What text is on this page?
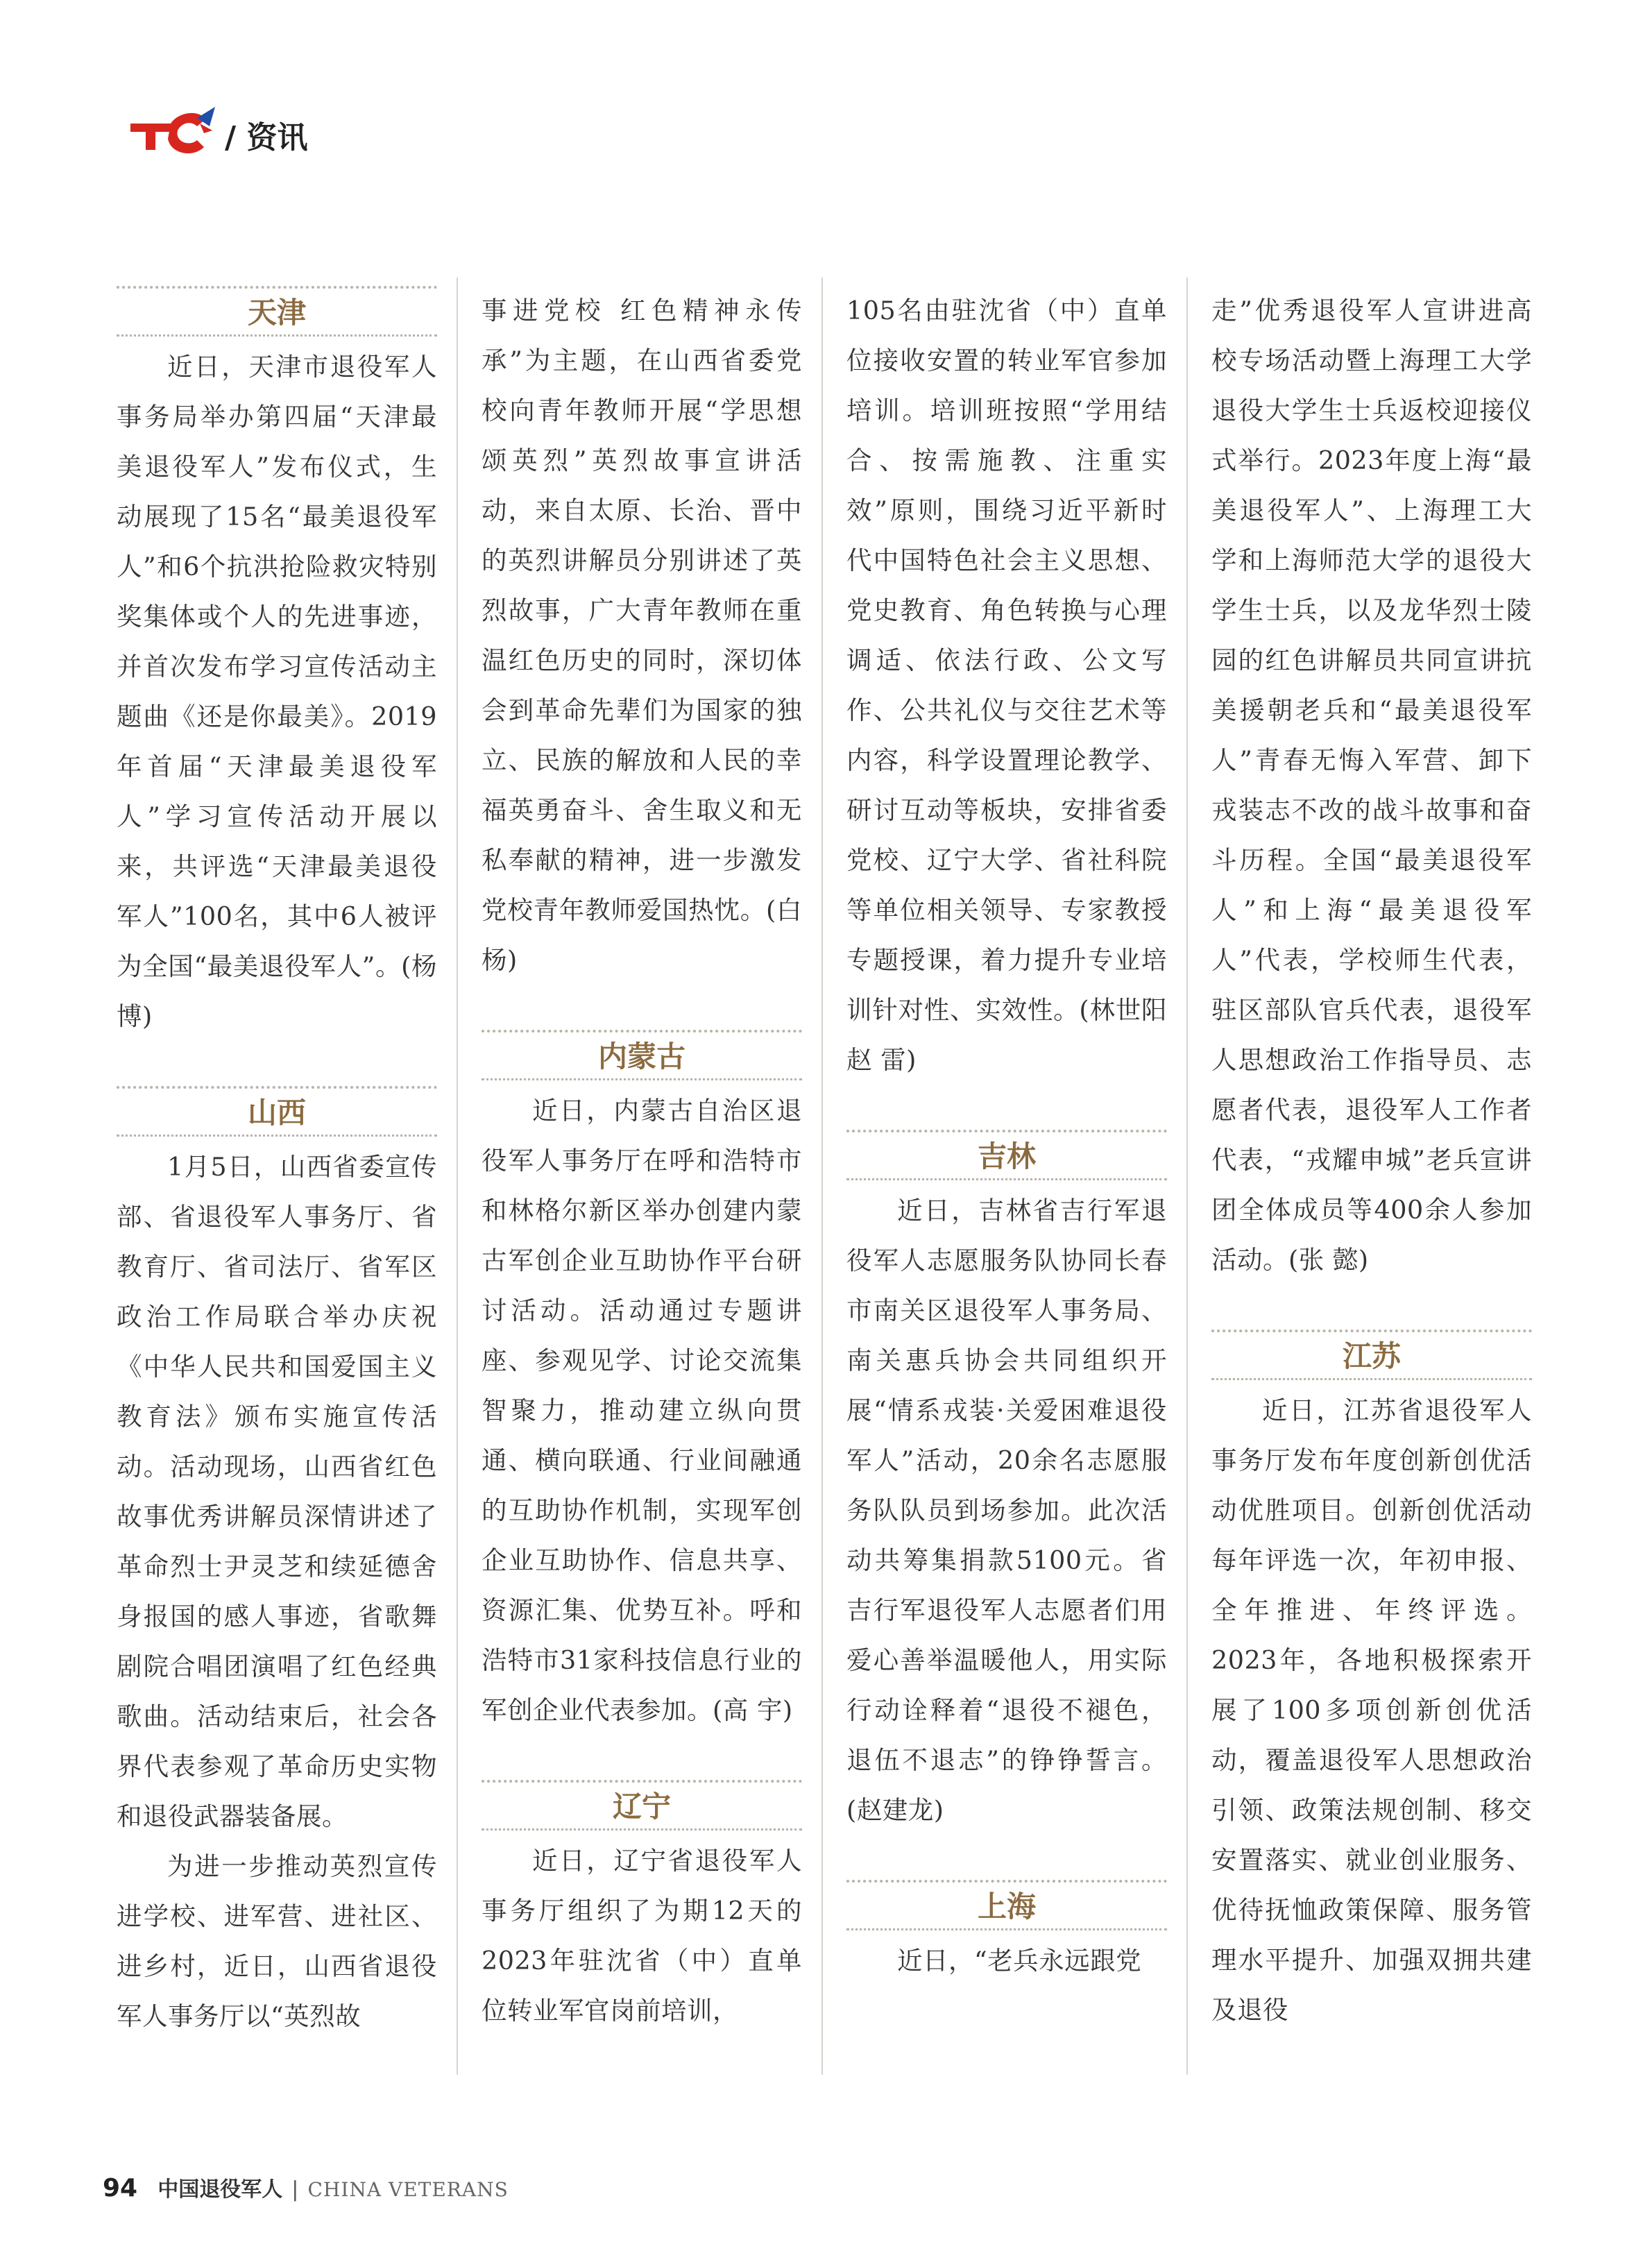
/ 资讯
天津

近日，天津市退役军人事务局举办第四届“天津最美退役军人”发布仪式，生动展现了15名“最美退役军人”和6个抗洪抢险救灾特别奖集体或个人的先进事迹，并首次发布学习宣传活动主题曲《还是你最美》。2019年首届“天津最美退役军人”学习宣传活动开展以来，共评选“天津最美退役军人”100名，其中6人被评为全国“最美退役军人”。(杨 博)

山西

1月5日，山西省委宣传部、省退役军人事务厅、省教育厅、省司法厅、省军区政治工作局联合举办庆祝《中华人民共和国爱国主义教育法》颁布实施宣传活动。活动现场，山西省红色故事优秀讲解员深情讲述了革命烈士尹灵芝和续延德舍身报国的感人事迹，省歌舞剧院合唱团演唱了红色经典歌曲。活动结束后，社会各界代表参观了革命历史实物和退役武器装备展。

为进一步推动英烈宣传进学校、进军营、进社区、进乡村，近日，山西省退役军人事务厅以“英烈故

事进党校 红色精神永传承”为主题，在山西省委党校向青年教师开展“学思想 颂英烈”英烈故事宣讲活动，来自太原、长治、晋中的英烈讲解员分别讲述了英烈故事，广大青年教师在重温红色历史的同时，深切体会到革命先辈们为国家的独立、民族的解放和人民的幸福英勇奋斗、舍生取义和无私奉献的精神，进一步激发党校青年教师爱国热忱。(白 杨)

内蒙古

近日，内蒙古自治区退役军人事务厅在呼和浩特市和林格尔新区举办创建内蒙古军创企业互助协作平台研讨活动。活动通过专题讲座、参观见学、讨论交流集智聚力，推动建立纵向贯通、横向联通、行业间融通的互助协作机制，实现军创企业互助协作、信息共享、资源汇集、优势互补。呼和浩特市31家科技信息行业的军创企业代表参加。(高 宇)

辽宁

近日，辽宁省退役军人事务厅组织了为期12天的2023年驻沈省（中）直单位转业军官岗前培训，

105名由驻沈省（中）直单位接收安置的转业军官参加培训。培训班按照“学用结合、按需施教、注重实效”原则，围绕习近平新时代中国特色社会主义思想、党史教育、角色转换与心理调适、依法行政、公文写作、公共礼仪与交往艺术等内容，科学设置理论教学、研讨互动等板块，安排省委党校、辽宁大学、省社科院等单位相关领导、专家教授专题授课，着力提升专业培训针对性、实效性。(林世阳 赵 雷)

吉林

近日，吉林省吉行军退役军人志愿服务队协同长春市南关区退役军人事务局、南关惠兵协会共同组织开展“情系戎装·关爱困难退役军人”活动，20余名志愿服务队队员到场参加。此次活动共筹集捐款5100元。省吉行军退役军人志愿者们用爱心善举温暖他人，用实际行动诠释着“退役不褪色，退伍不退志”的铮铮誓言。(赵建龙)

上海

近日，“老兵永远跟党

走”优秀退役军人宣讲进高校专场活动暨上海理工大学退役大学生士兵返校迎接仪式举行。2023年度上海“最美退役军人”、上海理工大学和上海师范大学的退役大学生士兵，以及龙华烈士陵园的红色讲解员共同宣讲抗美援朝老兵和“最美退役军人”青春无悔入军营、卸下戎装志不改的战斗故事和奋斗历程。全国“最美退役军人”和上海“最美退役军人”代表，学校师生代表，驻区部队官兵代表，退役军人思想政治工作指导员、志愿者代表，退役军人工作者代表，“戎耀申城”老兵宣讲团全体成员等400余人参加活动。(张 懿)

江苏

近日，江苏省退役军人事务厅发布年度创新创优活动优胜项目。创新创优活动每年评选一次，年初申报、全年推进、年终评选。2023年，各地积极探索开展了100多项创新创优活动，覆盖退役军人思想政治引领、政策法规创制、移交安置落实、就业创业服务、优待抚恤政策保障、服务管理水平提升、加强双拥共建及退役

94 中国退役军人 | CHINA VETERANS
